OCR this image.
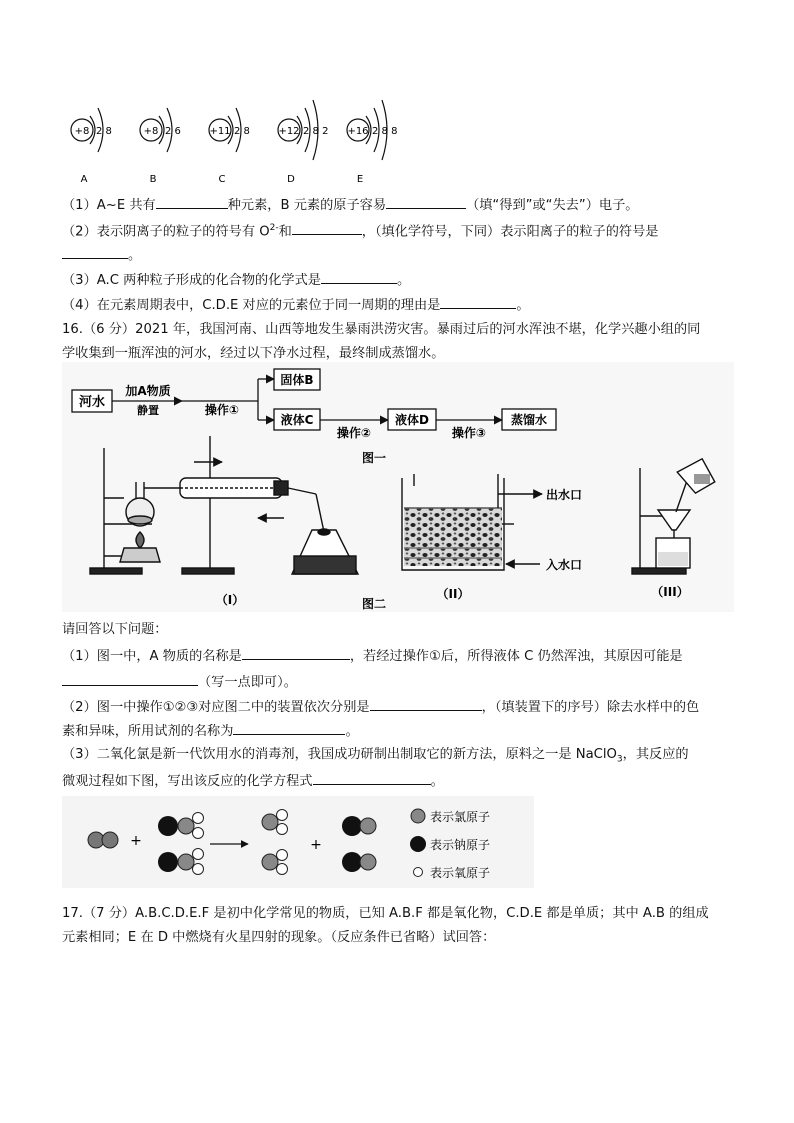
+8 2 8
A
+8 2 6
B
+11 2 8
C
+12 2 8 2
D
+16 2 8 8
E
（1）A~E 共有	种元素，B 元素的原子容易	（填“得到”或“失去”）电子。
（2）表示阴离子的粒子的符号有 $O^{2-}$和	，（填化学符号，下同）表示阳离子的粒子的符号是
。
（3）A.C 两种粒子形成的化合物的化学式是	。
（4）在元素周期表中，C.D.E 对应的元素位于同一周期的理由是	。
16.（6 分）2021 年，我国河南、山西等地发生暴雨洪涝灾害。暴雨过后的河水浑浊不堪，化学兴趣小组的同
学收集到一瓶浑浊的河水，经过以下净水过程，最终制成蒸馏水。
河水
加A物质
静置	操作①
固体B
液体C
操作②
液体D
操作③
蒸馏水
图一
（I）	图二
出水口
入水口
（II）	（III）
请回答以下问题：
（1）图一中，A 物质的名称是	，若经过操作①后，所得液体 C 仍然浑浊，其原因可能是
（写一点即可）。
（2）图一中操作①②③对应图二中的装置依次分别是	，（填装置下的序号）除去水样中的色
素和异味，所用试剂的名称为	。
（3）二氧化氯是新一代饮用水的消毒剂，我国成功研制出制取它的新方法，原料之一是 NaClO$_3$，其反应的
微观过程如下图，写出该反应的化学方程式	。
+	+
表示氯原子
表示钠原子
表示氧原子
17.（7 分）A.B.C.D.E.F 是初中化学常见的物质，已知 A.B.F 都是氧化物，C.D.E 都是单质；其中 A.B 的组成
元素相同；E 在 D 中燃烧有火星四射的现象。（反应条件已省略）试回答：
